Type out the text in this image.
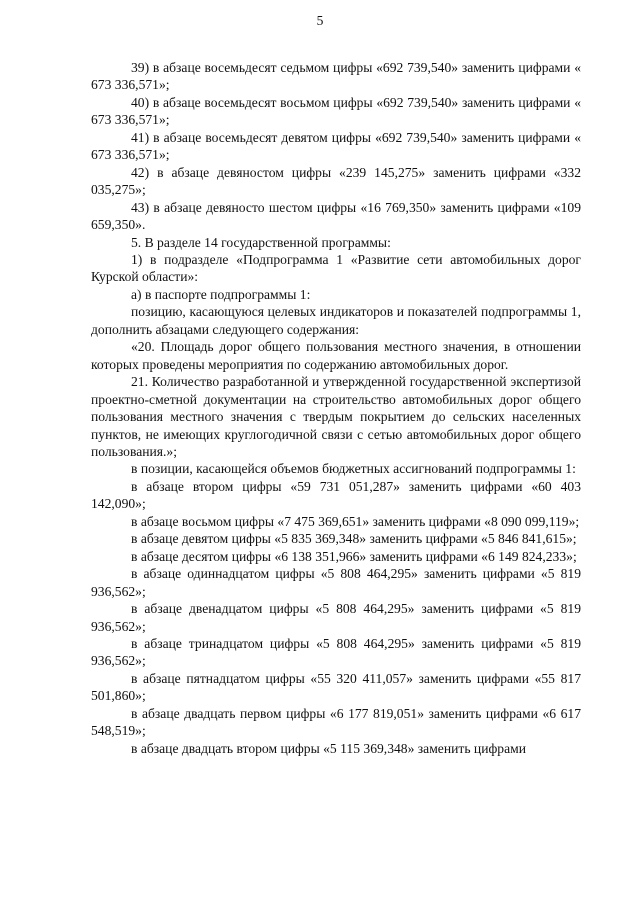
5

39) в абзаце восемьдесят седьмом цифры «692 739,540» заменить цифрами « 673 336,571»;

40) в абзаце восемьдесят восьмом цифры «692 739,540» заменить цифрами « 673 336,571»;

41) в абзаце восемьдесят девятом цифры «692 739,540» заменить цифрами « 673 336,571»;

42) в абзаце девяностом цифры «239 145,275» заменить цифрами «332 035,275»;

43) в абзаце девяносто шестом цифры «16 769,350» заменить цифрами «109 659,350».

5. В разделе 14 государственной программы:

1) в подразделе «Подпрограмма 1 «Развитие сети автомобильных дорог Курской области»:

а) в паспорте подпрограммы 1:

позицию, касающуюся целевых индикаторов и показателей подпрограммы 1, дополнить абзацами следующего содержания:

«20. Площадь дорог общего пользования местного значения, в отношении которых проведены мероприятия по содержанию автомобильных дорог.

21. Количество разработанной и утвержденной государственной экспертизой проектно-сметной документации на строительство автомобильных дорог общего пользования местного значения с твердым покрытием до сельских населенных пунктов, не имеющих круглогодичной связи с сетью автомобильных дорог общего пользования.»;

в позиции, касающейся объемов бюджетных ассигнований подпрограммы 1:

в абзаце втором цифры «59 731 051,287» заменить цифрами «60 403 142,090»;

в абзаце восьмом цифры «7 475 369,651» заменить цифрами «8 090 099,119»;

в абзаце девятом цифры «5 835 369,348» заменить цифрами «5 846 841,615»;

в абзаце десятом цифры «6 138 351,966» заменить цифрами «6 149 824,233»;

в абзаце одиннадцатом цифры «5 808 464,295» заменить цифрами «5 819 936,562»;

в абзаце двенадцатом цифры «5 808 464,295» заменить цифрами «5 819 936,562»;

в абзаце тринадцатом цифры «5 808 464,295» заменить цифрами «5 819 936,562»;

в абзаце пятнадцатом цифры «55 320 411,057» заменить цифрами «55 817 501,860»;

в абзаце двадцать первом цифры «6 177 819,051» заменить цифрами «6 617 548,519»;

в абзаце двадцать втором цифры «5 115 369,348» заменить цифрами
